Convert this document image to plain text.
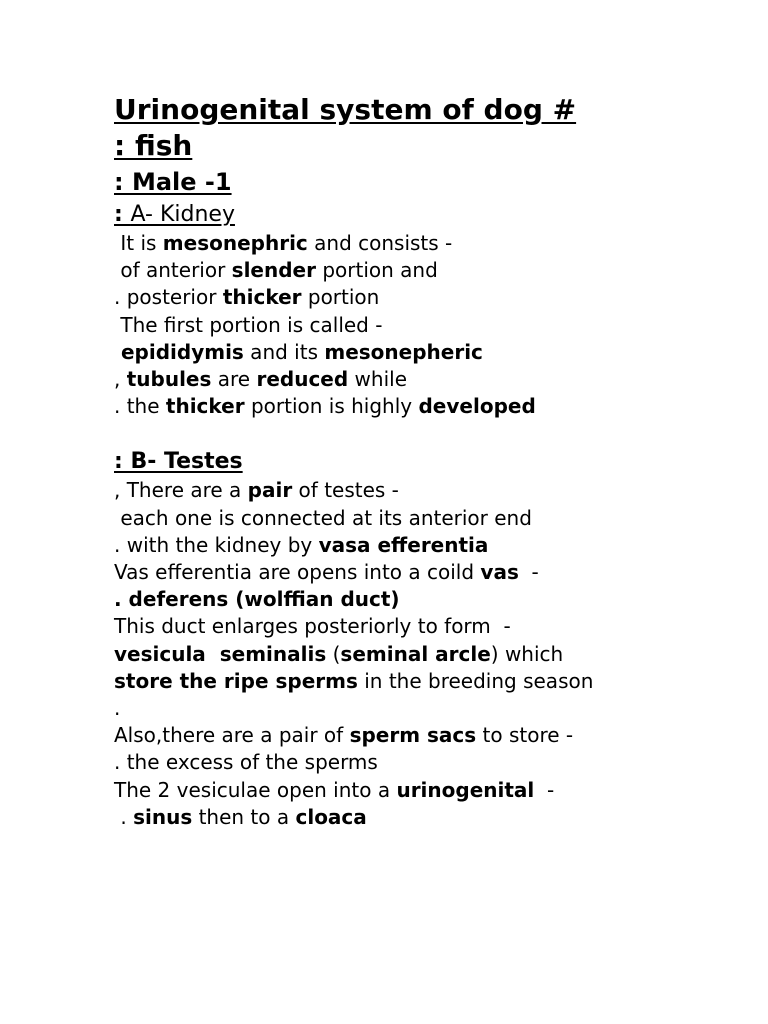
Urinogenital system of dog #
: fish
: Male -1
: A- Kidney

It is mesonephric and consists -

of anterior slender portion and

. posterior thicker portion

The first portion is called -

epididymis and its mesonepheric

, tubules are reduced while

. the thicker portion is highly developed

: B- Testes

, There are a pair of testes -

each one is connected at its anterior end

. with the kidney by vasa efferentia

Vas efferentia are opens into a coild vas  -

. deferens (wolffian duct)

This duct enlarges posteriorly to form  -

vesicula  seminalis (seminal arcle) which

store the ripe sperms in the breeding season

.

Also,there are a pair of sperm sacs to store -

. the excess of the sperms

The 2 vesiculae open into a urinogenital  -

. sinus then to a cloaca
